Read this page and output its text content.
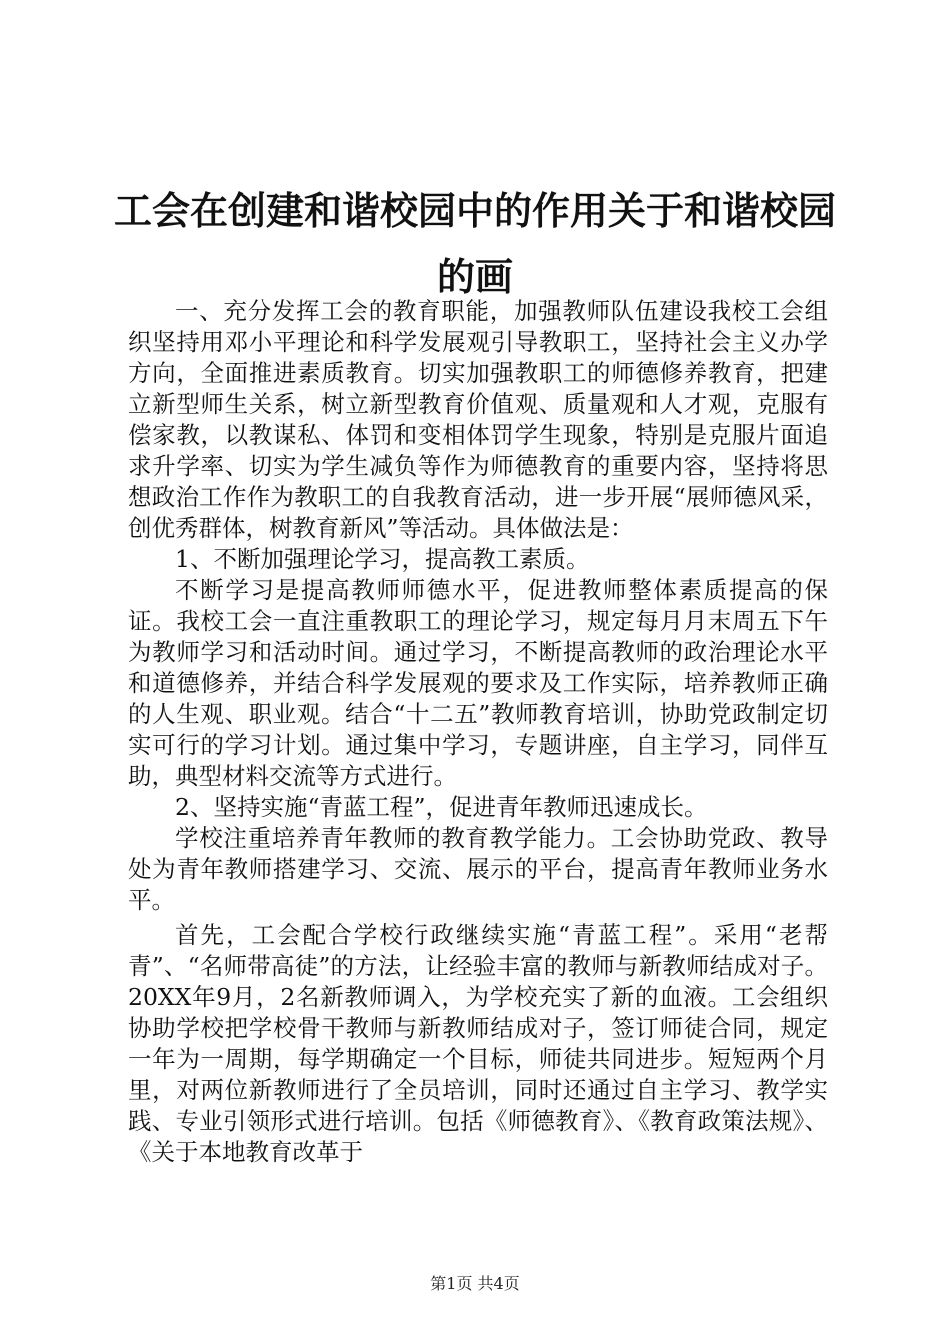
工会在创建和谐校园中的作用关于和谐校园的画

一、充分发挥工会的教育职能，加强教师队伍建设我校工会组织坚持用邓小平理论和科学发展观引导教职工，坚持社会主义办学方向，全面推进素质教育。切实加强教职工的师德修养教育，把建立新型师生关系，树立新型教育价值观、质量观和人才观，克服有偿家教，以教谋私、体罚和变相体罚学生现象，特别是克服片面追求升学率、切实为学生减负等作为师德教育的重要内容，坚持将思想政治工作作为教职工的自我教育活动，进一步开展“展师德风采，创优秀群体，树教育新风”等活动。具体做法是：

1、不断加强理论学习，提高教工素质。

不断学习是提高教师师德水平，促进教师整体素质提高的保证。我校工会一直注重教职工的理论学习，规定每月月末周五下午为教师学习和活动时间。通过学习，不断提高教师的政治理论水平和道德修养，并结合科学发展观的要求及工作实际，培养教师正确的人生观、职业观。结合“十二五”教师教育培训，协助党政制定切实可行的学习计划。通过集中学习，专题讲座，自主学习，同伴互助，典型材料交流等方式进行。

2、坚持实施“青蓝工程”，促进青年教师迅速成长。

学校注重培养青年教师的教育教学能力。工会协助党政、教导处为青年教师搭建学习、交流、展示的平台，提高青年教师业务水平。

首先，工会配合学校行政继续实施“青蓝工程”。采用“老帮青”、“名师带高徒”的方法，让经验丰富的教师与新教师结成对子。20XX年9月，2名新教师调入，为学校充实了新的血液。工会组织协助学校把学校骨干教师与新教师结成对子，签订师徒合同，规定一年为一周期，每学期确定一个目标，师徒共同进步。短短两个月里，对两位新教师进行了全员培训，同时还通过自主学习、教学实践、专业引领形式进行培训。包括《师德教育》、《教育政策法规》、《关于本地教育改革于

第1页 共4页
